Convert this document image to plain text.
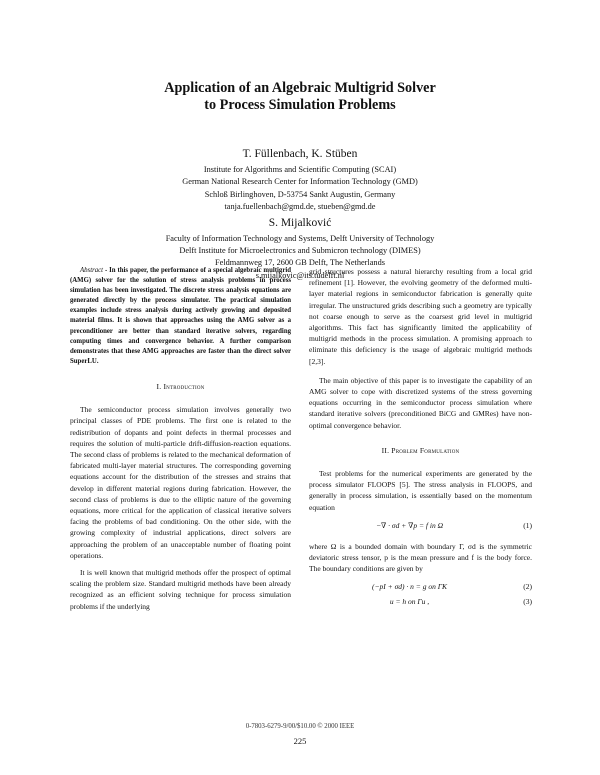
Application of an Algebraic Multigrid Solver
to Process Simulation Problems
T. Füllenbach, K. Stüben
Institute for Algorithms and Scientific Computing (SCAI)
German National Research Center for Information Technology (GMD)
Schloß Birlinghoven, D-53754 Sankt Augustin, Germany
tanja.fuellenbach@gmd.de, stueben@gmd.de
S. Mijalković
Faculty of Information Technology and Systems, Delft University of Technology
Delft Institute for Microelectronics and Submicron technology (DIMES)
Feldmannweg 17, 2600 GB Delft, The Netherlands
s.mijalkovic@its.tudelft.nl

Abstract - In this paper, the performance of a special algebraic multigrid (AMG) solver for the solution of stress analysis problems in process simulation has been investigated. The discrete stress analysis equations are generated directly by the process simulator. The practical simulation examples include stress analysis during actively growing and deposited material films. It is shown that approaches using the AMG solver as a preconditioner are better than standard iterative solvers, regarding computing times and convergence behavior. A further comparison demonstrates that these AMG approaches are faster than the direct solver SuperLU.

I. Introduction

The semiconductor process simulation involves generally two principal classes of PDE problems. The first one is related to the redistribution of dopants and point defects in thermal processes and requires the solution of multi-particle drift-diffusion-reaction equations. The second class of problems is related to the mechanical deformation of fabricated multi-layer material structures. The corresponding governing equations account for the distribution of the stresses and strains that develop in different material regions during fabrication. However, the second class of problems is due to the elliptic nature of the governing equations, more critical for the application of classical iterative solvers facing the problems of bad conditioning. On the other side, with the growing complexity of industrial applications, direct solvers are approaching the problem of an unacceptable number of floating point operations.

It is well known that multigrid methods offer the prospect of optimal scaling the problem size. Standard multigrid methods have been already recognized as an efficient solving technique for process simulation problems if the underlying

grid structures possess a natural hierarchy resulting from a local grid refinement [1]. However, the evolving geometry of the deformed multi-layer material regions in semiconductor fabrication is generally quite irregular. The unstructured grids describing such a geometry are typically not coarse enough to serve as the coarsest grid level in multigrid algorithms. This fact has significantly limited the applicability of multigrid methods in the process simulation. A promising approach to eliminate this deficiency is the usage of algebraic multigrid methods [2,3].

The main objective of this paper is to investigate the capability of an AMG solver to cope with discretized systems of the stress governing equations occurring in the semiconductor process simulation where standard iterative solvers (preconditioned BiCG and GMRes) have non-optimal convergence behavior.

II. Problem Formulation

Test problems for the numerical experiments are generated by the process simulator FLOOPS [5]. The stress analysis in FLOOPS, and generally in process simulation, is essentially based on the momentum equation

−∇ · σd + ∇p = f in Ω	(1)

where Ω is a bounded domain with boundary Γ, σd is the symmetric deviatoric stress tensor, p is the mean pressure and f is the body force. The boundary conditions are given by

(−pI + σd) · n = g on ΓK	(2)
u = h on Γu ,	(3)
0-7803-6279-9/00/$10.00 © 2000 IEEE
225
